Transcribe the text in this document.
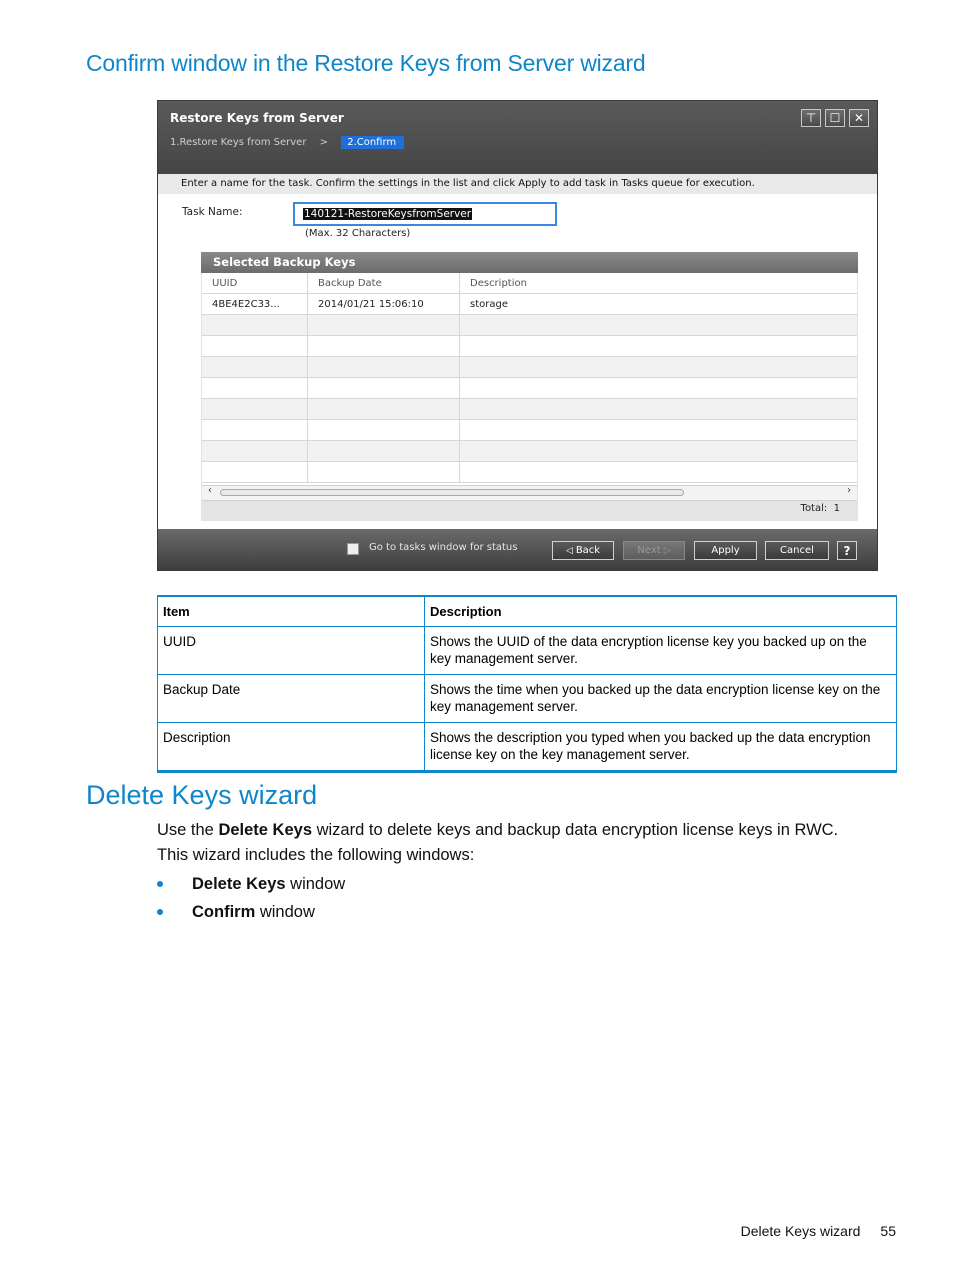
Confirm window in the Restore Keys from Server wizard
Restore Keys from Server
1.Restore Keys from Server > 2.Confirm
⊤	☐	✕
Enter a name for the task. Confirm the settings in the list and click Apply to add task in Tasks queue for execution.
Task Name:	140121-RestoreKeysfromServer
(Max. 32 Characters)
Selected Backup Keys
UUID	Backup Date	Description
4BE4E2C33...	2014/01/21 15:06:10	storage
‹	›
Total: 1
Go to tasks window for status	◁ Back	Next ▷	Apply	Cancel	?
Item	Description
UUID	Shows the UUID of the data encryption license key you backed up on the key management server.
Backup Date	Shows the time when you backed up the data encryption license key on the key management server.
Description	Shows the description you typed when you backed up the data encryption license key on the key management server.
Delete Keys wizard

Use the Delete Keys wizard to delete keys and backup data encryption license keys in RWC.
This wizard includes the following windows:

Delete Keys window
Confirm window
Delete Keys wizard 55
